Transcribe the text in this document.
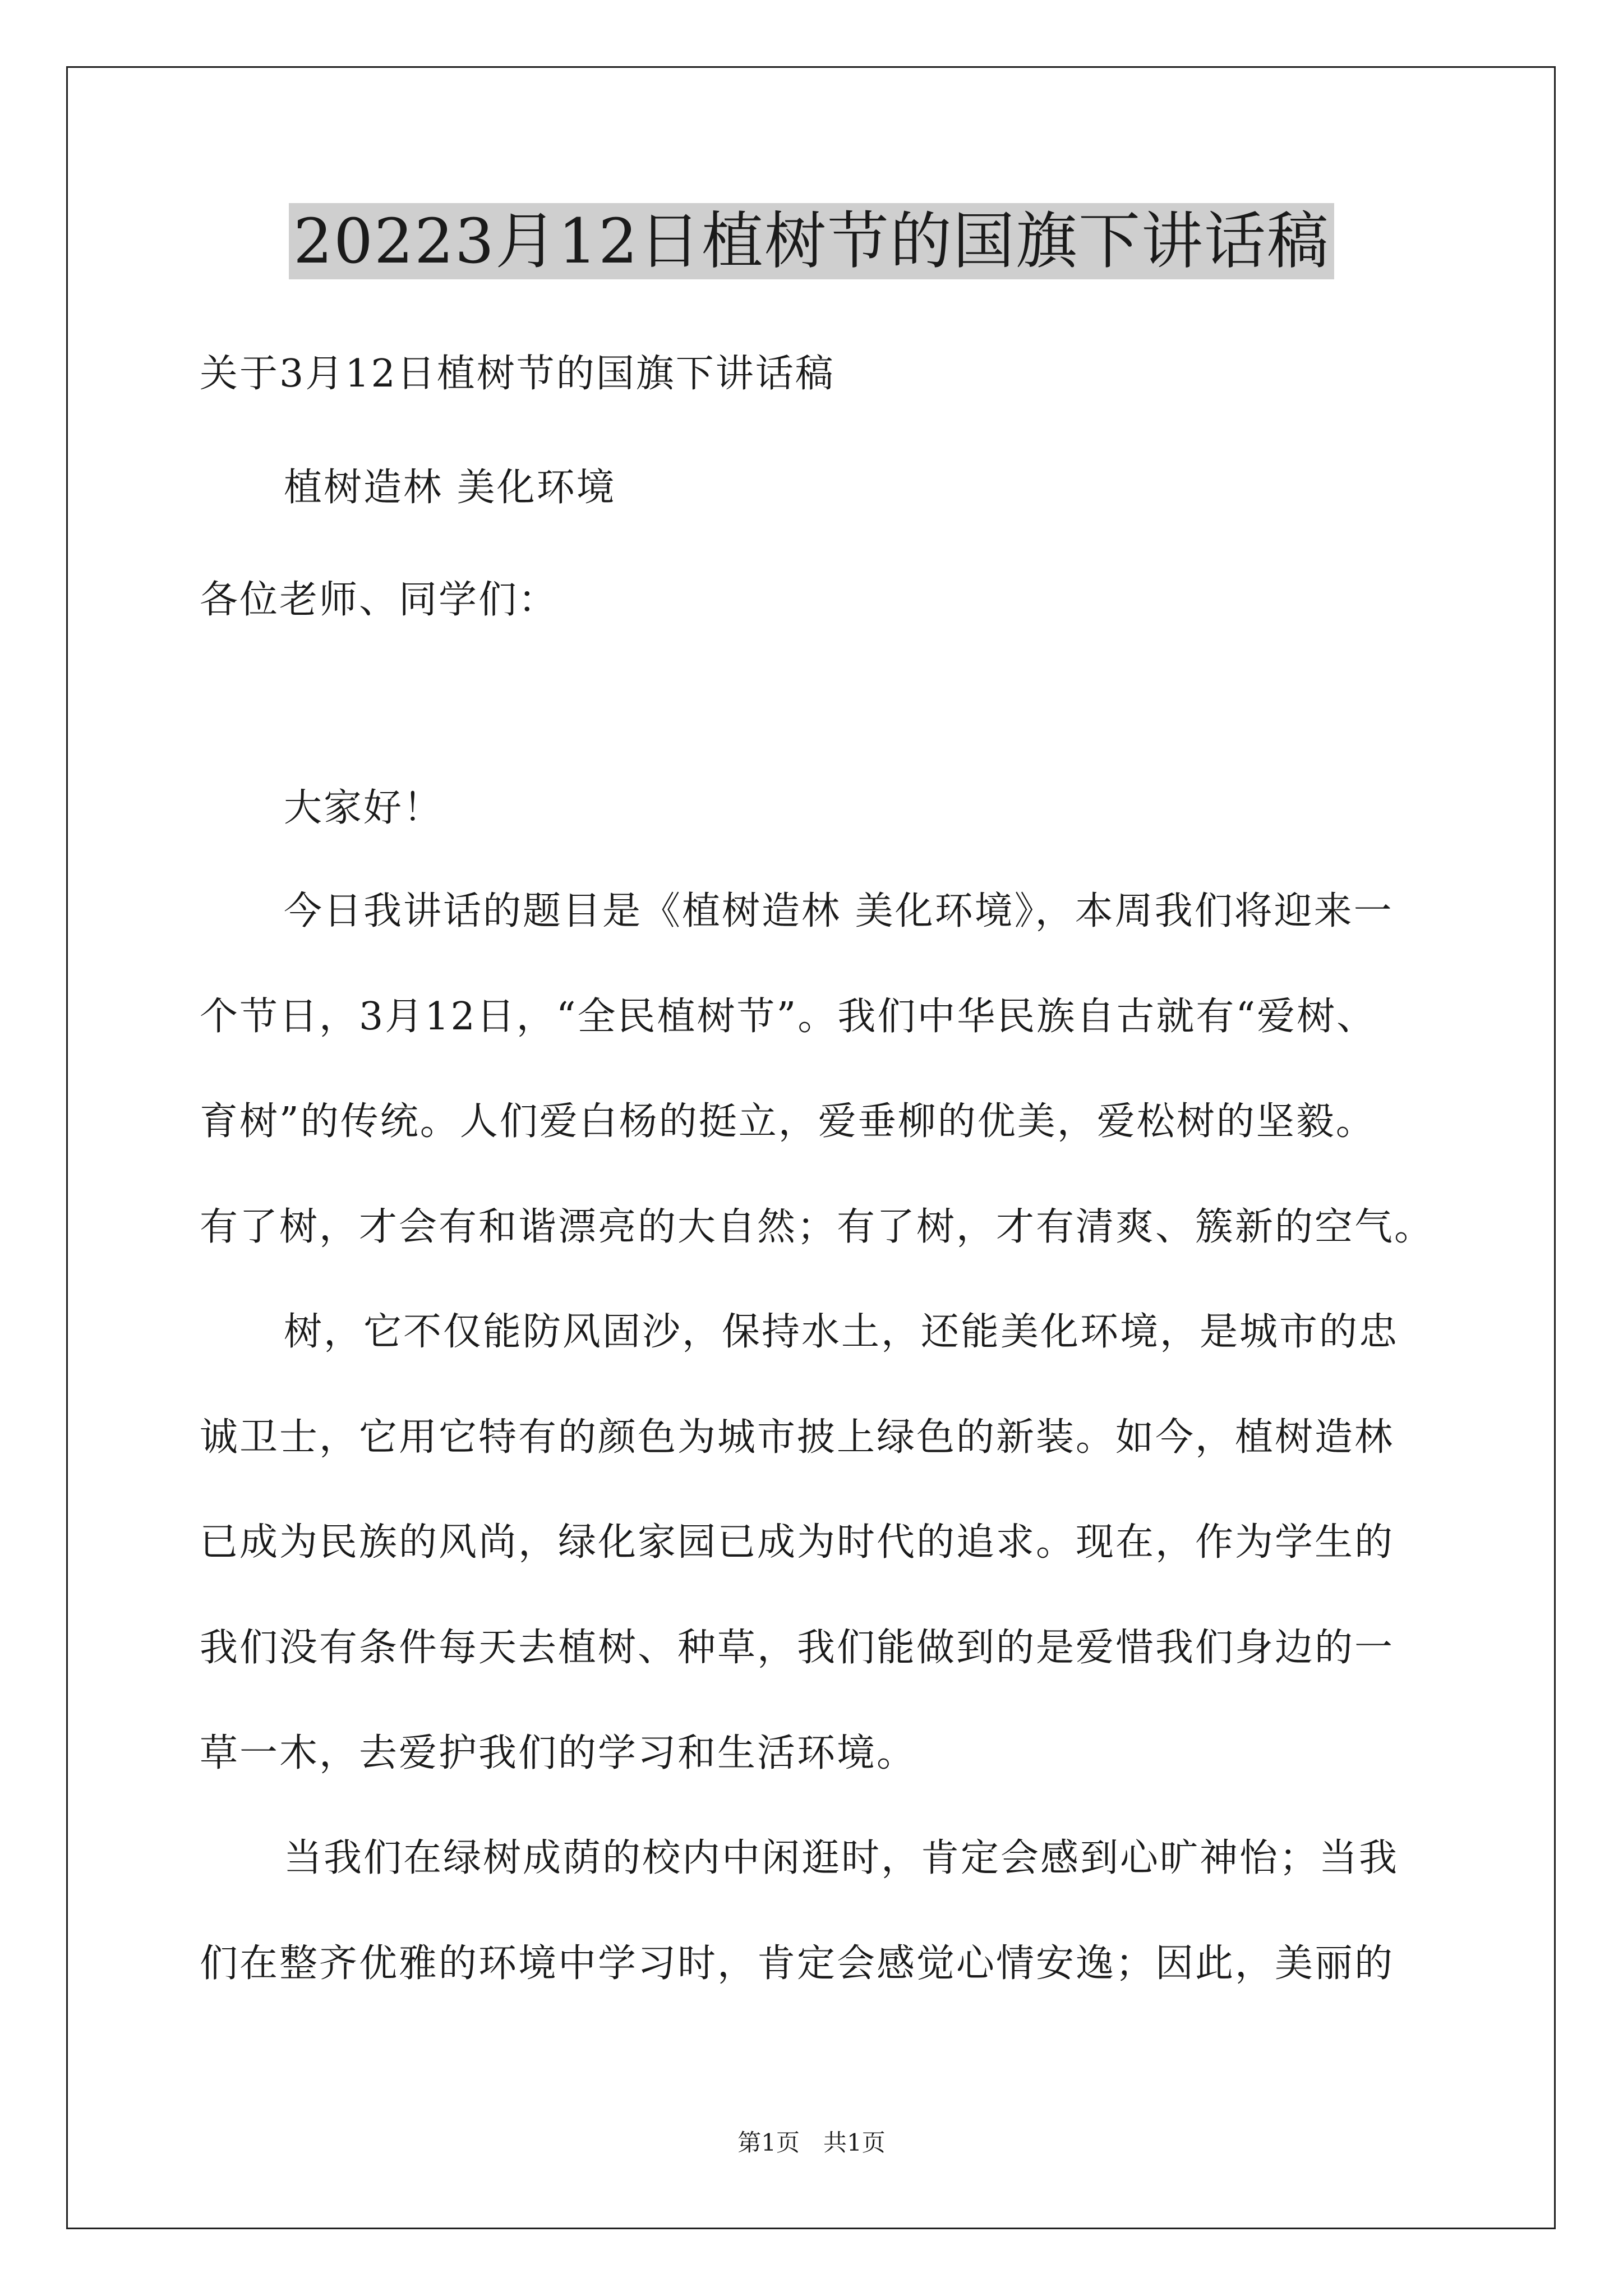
20223月12日植树节的国旗下讲话稿
关于3月12日植树节的国旗下讲话稿
植树造林 美化环境
各位老师、同学们：
大家好！
今日我讲话的题目是《植树造林 美化环境》，本周我们将迎来一
个节日，3月12日，“全民植树节”。我们中华民族自古就有“爱树、
育树”的传统。人们爱白杨的挺立，爱垂柳的优美，爱松树的坚毅。
有了树，才会有和谐漂亮的大自然；有了树，才有清爽、簇新的空气。
树，它不仅能防风固沙，保持水土，还能美化环境，是城市的忠
诚卫士，它用它特有的颜色为城市披上绿色的新装。如今，植树造林
已成为民族的风尚，绿化家园已成为时代的追求。现在，作为学生的
我们没有条件每天去植树、种草，我们能做到的是爱惜我们身边的一
草一木，去爱护我们的学习和生活环境。
当我们在绿树成荫的校内中闲逛时，肯定会感到心旷神怡；当我
们在整齐优雅的环境中学习时，肯定会感觉心情安逸；因此，美丽的
第1页　共1页
